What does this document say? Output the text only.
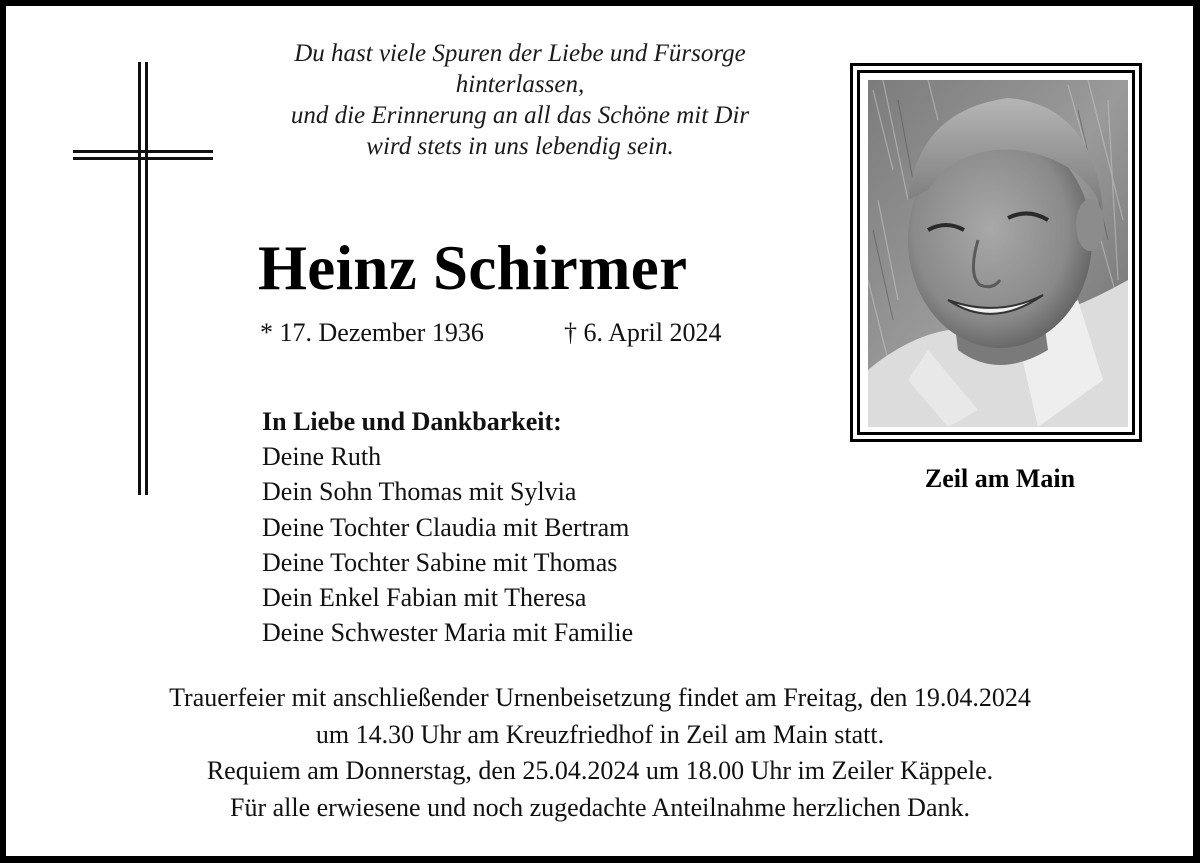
Du hast viele Spuren der Liebe und Fürsorge
hinterlassen,
und die Erinnerung an all das Schöne mit Dir
wird stets in uns lebendig sein.
Heinz Schirmer
* 17. Dezember 1936	† 6. April 2024
In Liebe und Dankbarkeit:
Deine Ruth
Dein Sohn Thomas mit Sylvia
Deine Tochter Claudia mit Bertram
Deine Tochter Sabine mit Thomas
Dein Enkel Fabian mit Theresa
Deine Schwester Maria mit Familie
Zeil am Main
Trauerfeier mit anschließender Urnenbeisetzung findet am Freitag, den 19.04.2024
um 14.30 Uhr am Kreuzfriedhof in Zeil am Main statt.
Requiem am Donnerstag, den 25.04.2024 um 18.00 Uhr im Zeiler Käppele.
Für alle erwiesene und noch zugedachte Anteilnahme herzlichen Dank.
